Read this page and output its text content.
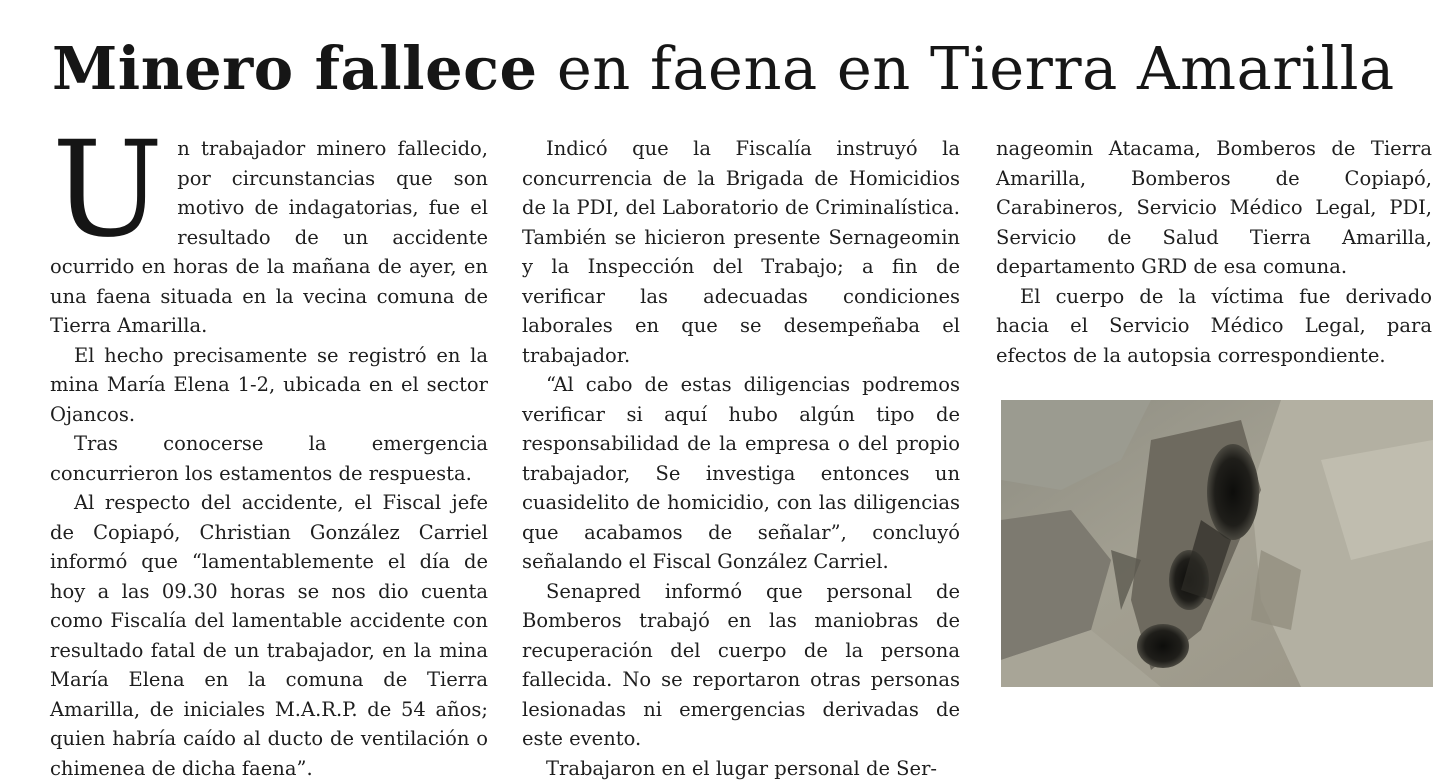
Minero fallece en faena en Tierra Amarilla
U n trabajador minero fallecido, por circunstancias que son motivo de indagatorias, fue el resultado de un accidente ocurrido en horas de la mañana de ayer, en una faena situada en la vecina comuna de Tierra Amarilla.

El hecho precisamente se registró en la mina María Elena 1-2, ubicada en el sector Ojancos.

Tras conocerse la emergencia concurrieron los estamentos de respuesta.

Al respecto del accidente, el Fiscal jefe de Copiapó, Christian González Carriel informó que “lamentablemente el día de hoy a las 09.30 horas se nos dio cuenta como Fiscalía del lamentable accidente con resultado fatal de un trabajador, en la mina María Elena en la comuna de Tierra Amarilla, de iniciales M.A.R.P. de 54 años; quien habría caído al ducto de ventilación o chimenea de dicha faena”.

Indicó que la Fiscalía instruyó la concurrencia de la Brigada de Homicidios de la PDI, del Laboratorio de Criminalística. También se hicieron presente Sernageomin y la Inspección del Trabajo; a fin de verificar las adecuadas condiciones laborales en que se desempeñaba el trabajador.

“Al cabo de estas diligencias podremos verificar si aquí hubo algún tipo de responsabilidad de la empresa o del propio trabajador, Se investiga entonces un cuasidelito de homicidio, con las diligencias que acabamos de señalar”, concluyó señalando el Fiscal González Carriel.

Senapred informó que personal de Bomberos trabajó en las maniobras de recuperación del cuerpo de la persona fallecida. No se reportaron otras personas lesionadas ni emergencias derivadas de este evento.

Trabajaron en el lugar personal de Ser-

nageomin Atacama, Bomberos de Tierra Amarilla, Bomberos de Copiapó, Carabineros, Servicio Médico Legal, PDI, Servicio de Salud Tierra Amarilla, departamento GRD de esa comuna.

El cuerpo de la víctima fue derivado hacia el Servicio Médico Legal, para efectos de la autopsia correspondiente.
